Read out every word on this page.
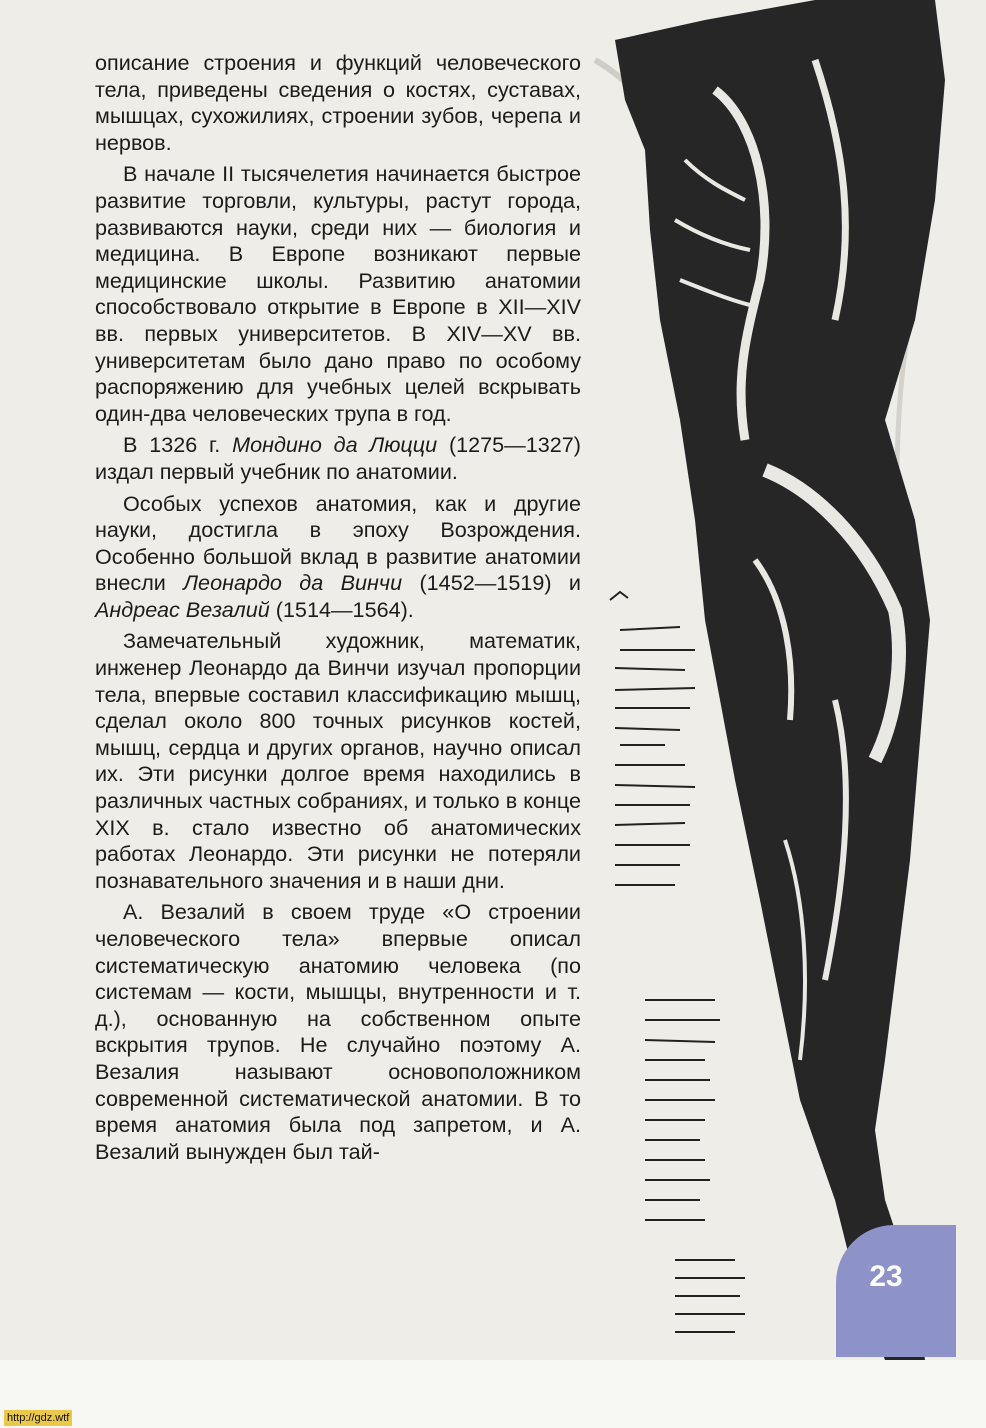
описание строения и функций человеческого тела, приведены сведения о костях, суставах, мышцах, сухожилиях, строении зубов, черепа и нервов.

В начале II тысячелетия начинается быстрое развитие торговли, культуры, растут города, развиваются науки, среди них — биология и медицина. В Европе возникают первые медицинские школы. Развитию анатомии способствовало открытие в Европе в XII—XIV вв. первых университетов. В XIV—XV вв. университетам было дано право по особому распоряжению для учебных целей вскрывать один-два человеческих трупа в год.

В 1326 г. Мондино да Люцци (1275—1327) издал первый учебник по анатомии.

Особых успехов анатомия, как и другие науки, достигла в эпоху Возрождения. Особенно большой вклад в развитие анатомии внесли Леонардо да Винчи (1452—1519) и Андреас Везалий (1514—1564).

Замечательный художник, математик, инженер Леонардо да Винчи изучал пропорции тела, впервые составил классификацию мышц, сделал около 800 точных рисунков костей, мышц, сердца и других органов, научно описал их. Эти рисунки долгое время находились в различных частных собраниях, и только в конце XIX в. стало известно об анатомических работах Леонардо. Эти рисунки не потеряли познавательного значения и в наши дни.

А. Везалий в своем труде «О строении человеческого тела» впервые описал систематическую анатомию человека (по системам — кости, мышцы, внутренности и т. д.), основанную на собственном опыте вскрытия трупов. Не случайно поэтому А. Везалия называют основоположником современной систематической анатомии. В то время анатомия была под запретом, и А. Везалий вынужден был тай-

23
http://gdz.wtf
